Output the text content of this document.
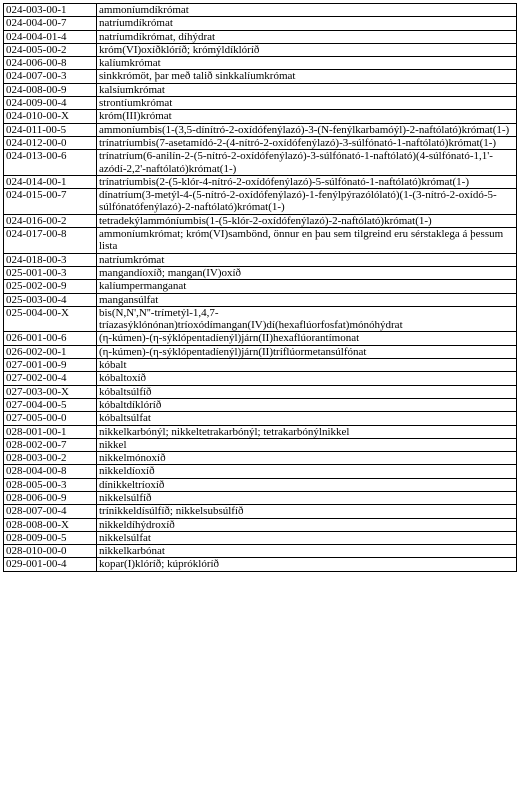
024-003-00-1	ammoníumdíkrómat
024-004-00-7	natríumdíkrómat
024-004-01-4	natríumdíkrómat, díhýdrat
024-005-00-2	króm(VI)oxíðklóríð; krómýldíklóríð
024-006-00-8	kalíumkrómat
024-007-00-3	sinkkrómöt, þar með talið sinkkalíumkrómat
024-008-00-9	kalsíumkrómat
024-009-00-4	strontíumkrómat
024-010-00-X	króm(III)krómat
024-011-00-5	ammoníumbis(1-(3,5-dínítró-2-oxídófenýlazó)-3-(N-fenýlkarbamóýl)-2-naftólató)krómat(1-)
024-012-00-0	trínatríumbis(7-asetamídó-2-(4-nítró-2-oxídófenýlazó)-3-súlfónató-1-naftólató)krómat(1-)
024-013-00-6	trínatríum(6-anilín-2-(5-nítró-2-oxídófenýlazó)-3-súlfónató-1-naftólató)(4-súlfónató-1,1'-azódí-2,2'-naftólató)krómat(1-)
024-014-00-1	trínatríumbis(2-(5-klór-4-nítró-2-oxídófenýlazó)-5-súlfónató-1-naftólató)krómat(1-)
024-015-00-7	dínatríum(3-metýl-4-(5-nítró-2-oxídófenýlazó)-1-fenýlpýrazólólató)(1-(3-nítró-2-oxídó-5-súlfónatófenýlazó)-2-naftólató)krómat(1-)
024-016-00-2	tetradekýlammóníumbis(1-(5-klór-2-oxídófenýlazó)-2-naftólató)krómat(1-)
024-017-00-8	ammoníumkrómat; króm(VI)sambönd, önnur en þau sem tilgreind eru sérstaklega á þessum lista
024-018-00-3	natríumkrómat
025-001-00-3	mangandíoxíð; mangan(IV)oxíð
025-002-00-9	kalíumpermanganat
025-003-00-4	mangansúlfat
025-004-00-X	bis(N,N',N''-trímetýl-1,4,7-tríazasýklónónan)tríoxódímangan(IV)dí(hexaflúorfosfat)mónóhýdrat
026-001-00-6	(η-kúmen)-(η-sýklópentadíenýl)járn(II)hexaflúorantímonat
026-002-00-1	(η-kúmen)-(η-sýklópentadíenýl)járn(II)tríflúormetansúlfónat
027-001-00-9	kóbalt
027-002-00-4	kóbaltoxíð
027-003-00-X	kóbaltsúlfíð
027-004-00-5	kóbaltdíklóríð
027-005-00-0	kóbaltsúlfat
028-001-00-1	nikkelkarbónýl; nikkeltetrakarbónýl; tetrakarbónýlnikkel
028-002-00-7	nikkel
028-003-00-2	nikkelmónoxíð
028-004-00-8	nikkeldíoxíð
028-005-00-3	dínikkeltríoxíð
028-006-00-9	nikkelsúlfíð
028-007-00-4	trínikkeldísúlfíð; nikkelsubsúlfíð
028-008-00-X	nikkeldíhýdroxíð
028-009-00-5	nikkelsúlfat
028-010-00-0	nikkelkarbónat
029-001-00-4	kopar(I)klóríð; kúpróklóríð
